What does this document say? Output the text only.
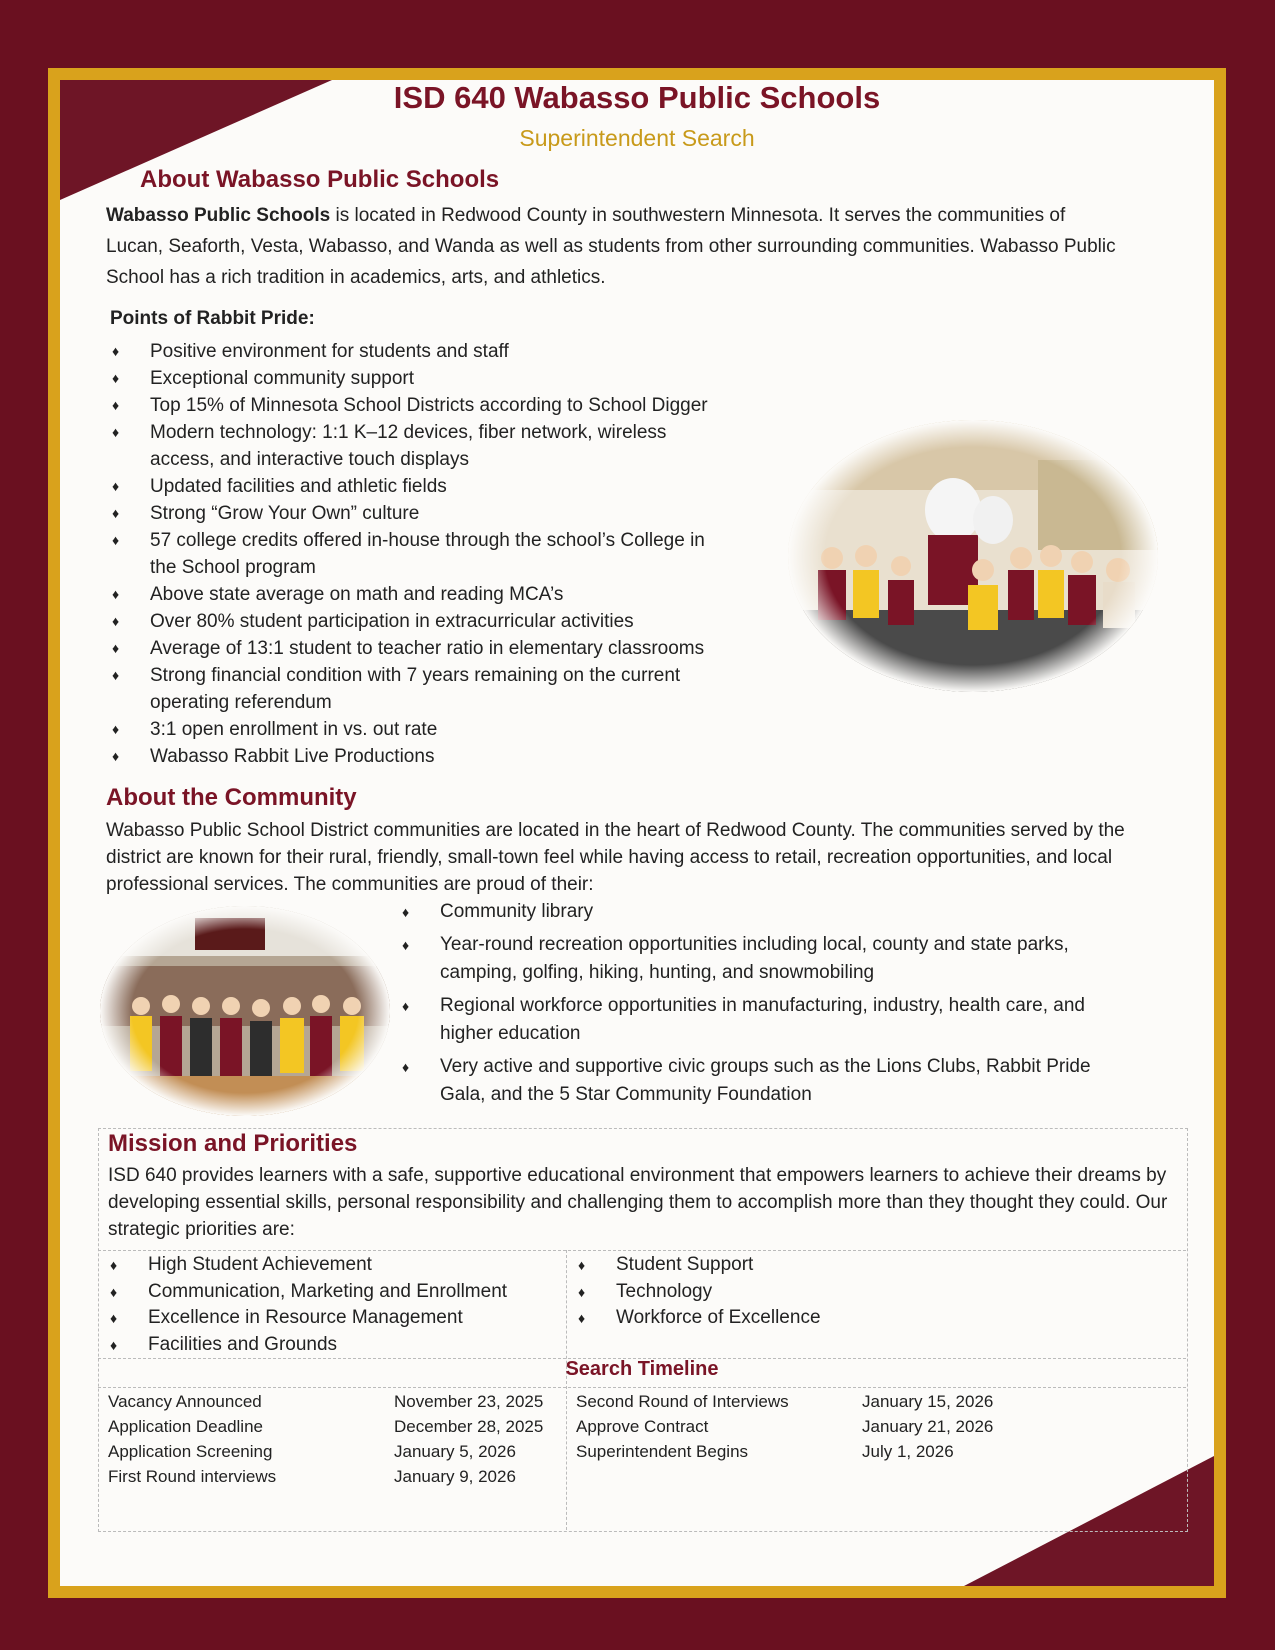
ISD 640 Wabasso Public Schools
Superintendent Search
About Wabasso Public Schools
Wabasso Public Schools is located in Redwood County in southwestern Minnesota. It serves the communities of Lucan, Seaforth, Vesta, Wabasso, and Wanda as well as students from other surrounding communities. Wabasso Public School has a rich tradition in academics, arts, and athletics.
Points of Rabbit Pride:
♦ Positive environment for students and staff
♦ Exceptional community support
♦ Top 15% of Minnesota School Districts according to School Digger
♦ Modern technology: 1:1 K–12 devices, fiber network, wireless access, and interactive touch displays
♦ Updated facilities and athletic fields
♦ Strong “Grow Your Own” culture
♦ 57 college credits offered in-house through the school’s College in the School program
♦ Above state average on math and reading MCA’s
♦ Over 80% student participation in extracurricular activities
♦ Average of 13:1 student to teacher ratio in elementary classrooms
♦ Strong financial condition with 7 years remaining on the current operating referendum
♦ 3:1 open enrollment in vs. out rate
♦ Wabasso Rabbit Live Productions
About the Community
Wabasso Public School District communities are located in the heart of Redwood County. The communities served by the district are known for their rural, friendly, small-town feel while having access to retail, recreation opportunities, and local professional services. The communities are proud of their:
♦ Community library
♦ Year-round recreation opportunities including local, county and state parks, camping, golfing, hiking, hunting, and snowmobiling
♦ Regional workforce opportunities in manufacturing, industry, health care, and higher education
♦ Very active and supportive civic groups such as the Lions Clubs, Rabbit Pride Gala, and the 5 Star Community Foundation
Mission and Priorities
ISD 640 provides learners with a safe, supportive educational environment that empowers learners to achieve their dreams by developing essential skills, personal responsibility and challenging them to accomplish more than they thought they could. Our strategic priorities are:
♦ High Student Achievement
♦ Communication, Marketing and Enrollment
♦ Excellence in Resource Management
♦ Facilities and Grounds
♦ Student Support
♦ Technology
♦ Workforce of Excellence
Search Timeline
Vacancy Announced	November 23, 2025
Application Deadline	December 28, 2025
Application Screening	January 5, 2026
First Round interviews	January 9, 2026
Second Round of Interviews	January 15, 2026
Approve Contract	January 21, 2026
Superintendent Begins	July 1, 2026
